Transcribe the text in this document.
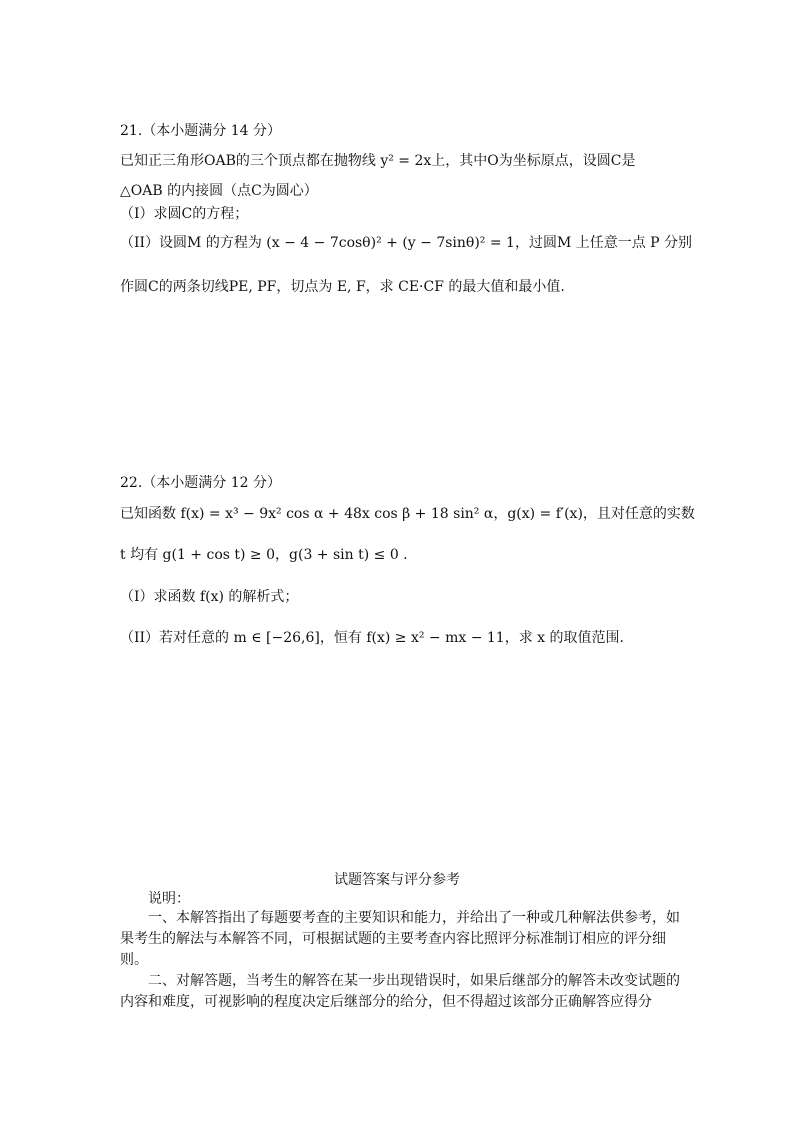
21.（本小题满分 14 分）
已知正三角形OAB的三个顶点都在抛物线 y² = 2x上，其中O为坐标原点，设圆C是
△OAB 的内接圆（点C为圆心）
（I）求圆C的方程；
（II）设圆M 的方程为 (x − 4 − 7cosθ)² + (y − 7sinθ)² = 1，过圆M 上任意一点 P 分别
作圆C的两条切线PE, PF，切点为 E, F，求 CE·CF 的最大值和最小值.
22.（本小题满分 12 分）
已知函数 f(x) = x³ − 9x² cos α + 48x cos β + 18 sin² α，g(x) = f′(x)，且对任意的实数
t 均有 g(1 + cos t) ≥ 0，g(3 + sin t) ≤ 0 .
（I）求函数 f(x) 的解析式；
（II）若对任意的 m ∈ [−26,6]，恒有 f(x) ≥ x² − mx − 11，求 x 的取值范围.
试题答案与评分参考
说明：
一、本解答指出了每题要考查的主要知识和能力，并给出了一种或几种解法供参考，如果考生的解法与本解答不同，可根据试题的主要考查内容比照评分标准制订相应的评分细则。
二、对解答题，当考生的解答在某一步出现错误时，如果后继部分的解答未改变试题的内容和难度，可视影响的程度决定后继部分的给分，但不得超过该部分正确解答应得分
